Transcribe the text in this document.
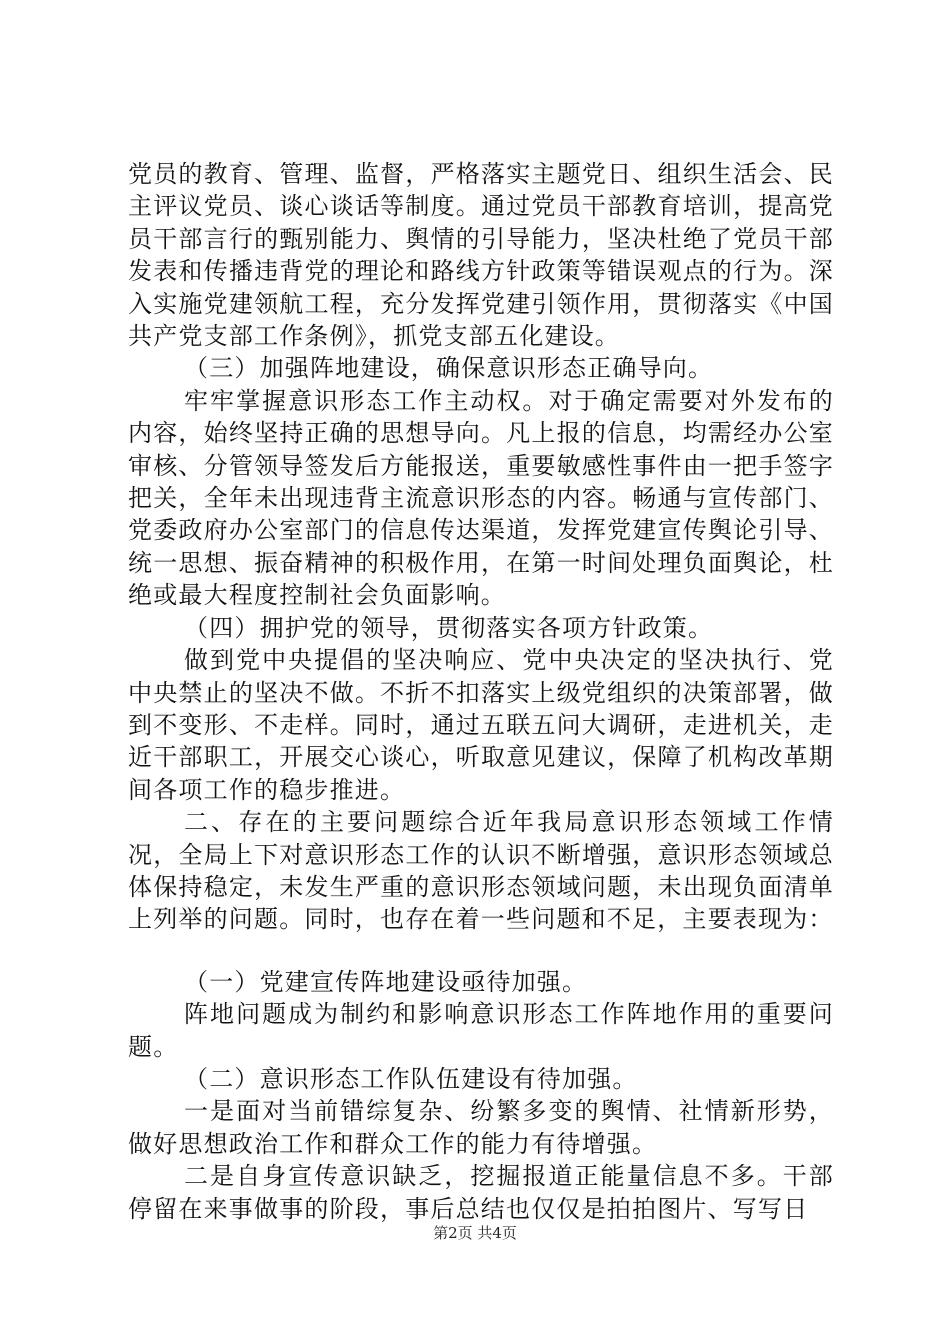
党员的教育、管理、监督，严格落实主题党日、组织生活会、民主评议党员、谈心谈话等制度。通过党员干部教育培训，提高党员干部言行的甄别能力、舆情的引导能力，坚决杜绝了党员干部发表和传播违背党的理论和路线方针政策等错误观点的行为。深入实施党建领航工程，充分发挥党建引领作用，贯彻落实《中国共产党支部工作条例》，抓党支部五化建设。

（三）加强阵地建设，确保意识形态正确导向。

牢牢掌握意识形态工作主动权。对于确定需要对外发布的内容，始终坚持正确的思想导向。凡上报的信息，均需经办公室审核、分管领导签发后方能报送，重要敏感性事件由一把手签字把关，全年未出现违背主流意识形态的内容。畅通与宣传部门、党委政府办公室部门的信息传达渠道，发挥党建宣传舆论引导、统一思想、振奋精神的积极作用，在第一时间处理负面舆论，杜绝或最大程度控制社会负面影响。

（四）拥护党的领导，贯彻落实各项方针政策。

做到党中央提倡的坚决响应、党中央决定的坚决执行、党中央禁止的坚决不做。不折不扣落实上级党组织的决策部署，做到不变形、不走样。同时，通过五联五问大调研，走进机关，走近干部职工，开展交心谈心，听取意见建议，保障了机构改革期间各项工作的稳步推进。

二、存在的主要问题综合近年我局意识形态领域工作情况，全局上下对意识形态工作的认识不断增强，意识形态领域总体保持稳定，未发生严重的意识形态领域问题，未出现负面清单上列举的问题。同时，也存在着一些问题和不足，主要表现为：

（一）党建宣传阵地建设亟待加强。

阵地问题成为制约和影响意识形态工作阵地作用的重要问题。

（二）意识形态工作队伍建设有待加强。

一是面对当前错综复杂、纷繁多变的舆情、社情新形势，做好思想政治工作和群众工作的能力有待增强。

二是自身宣传意识缺乏，挖掘报道正能量信息不多。干部停留在来事做事的阶段，事后总结也仅仅是拍拍图片、写写日

第2页 共4页
